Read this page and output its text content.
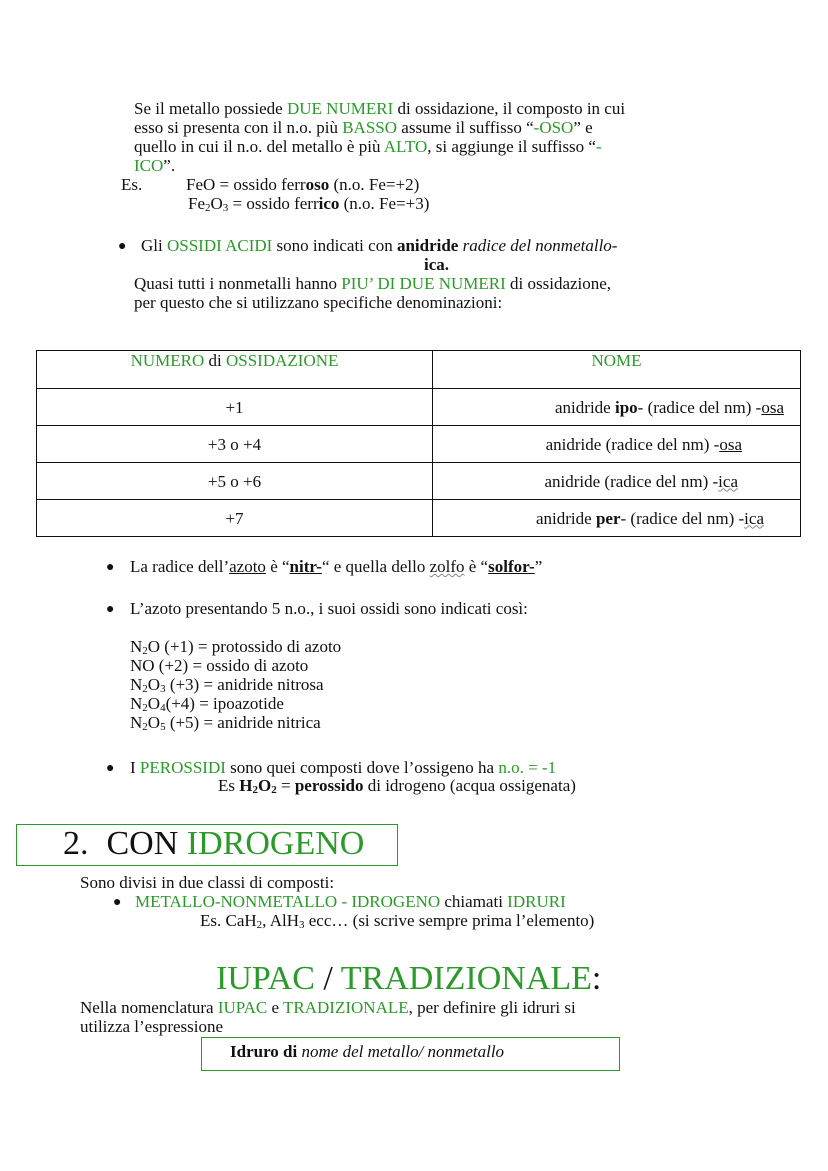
Se il metallo possiede DUE NUMERI di ossidazione, il composto in cui
esso si presenta con il n.o. più BASSO assume il suffisso “-OSO” e
quello in cui il n.o. del metallo è più ALTO, si aggiunge il suffisso “-
ICO”.
Es.	FeO = ossido ferroso (n.o. Fe=+2)
$Fe_2O_3$ = ossido ferrico (n.o. Fe=+3)
● Gli OSSIDI ACIDI sono indicati con anidride radice del nonmetallo-
ica.
Quasi tutti i nonmetalli hanno PIU’ DI DUE NUMERI di ossidazione,
per questo che si utilizzano specifiche denominazioni:
NUMERO di OSSIDAZIONE	NOME
+1	anidride ipo- (radice del nm) -osa
+3 o +4	anidride (radice del nm) -osa
+5 o +6	anidride (radice del nm) -ica
+7	anidride per- (radice del nm) -ica
● La radice dell’azoto è “nitr-“ e quella dello zolfo è “solfor-”
● L’azoto presentando 5 n.o., i suoi ossidi sono indicati così:
$N_2O$ (+1) = protossido di azoto
NO (+2) = ossido di azoto
$N_2O_3$ (+3) = anidride nitrosa
$N_2O_4(+4)$ = ipoazotide
$N_2O_5$ (+5) = anidride nitrica
● I PEROSSIDI sono quei composti dove l’ossigeno ha n.o. = -1
Es $H_2O_2$ = perossido di idrogeno (acqua ossigenata)
2. CON IDROGENO
Sono divisi in due classi di composti:
● METALLO-NONMETALLO - IDROGENO chiamati IDRURI
Es. CaH$_2$, AlH$_3$ ecc… (si scrive sempre prima l’elemento)
IUPAC / TRADIZIONALE:
Nella nomenclatura IUPAC e TRADIZIONALE, per definire gli idruri si
utilizza l’espressione
Idruro di nome del metallo/ nonmetallo
